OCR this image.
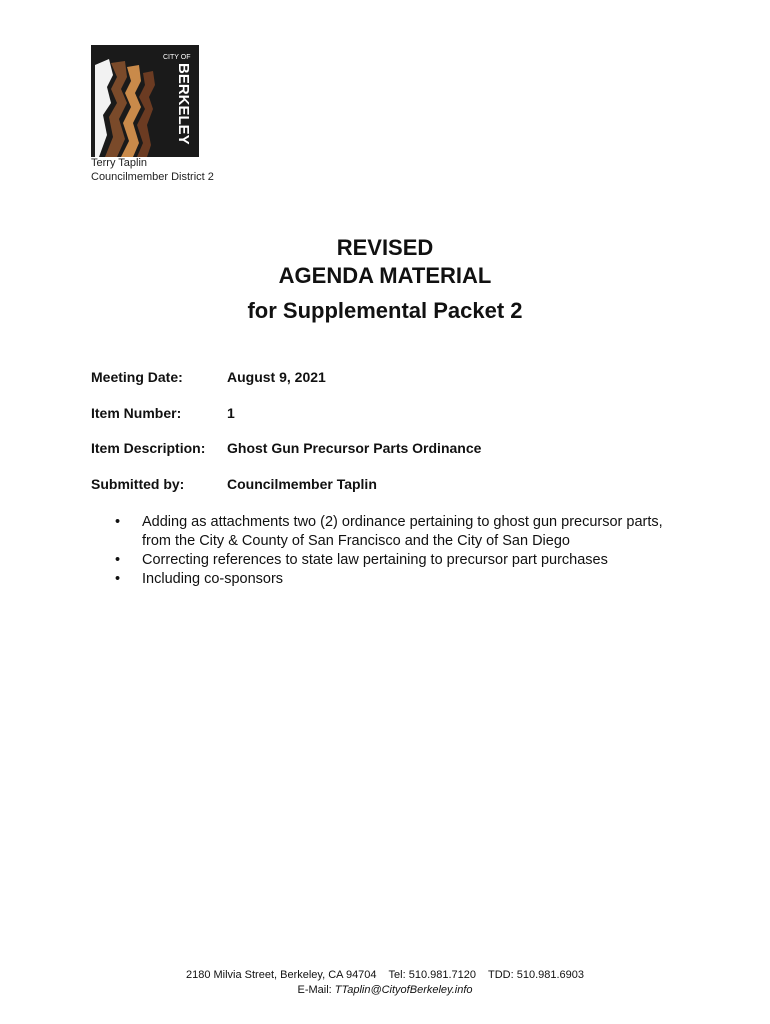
CITY OF
BERKELEY
Terry Taplin
Councilmember District 2
REVISED
AGENDA MATERIAL
for Supplemental Packet 2
Meeting Date:	August 9, 2021
Item Number:	1
Item Description:	Ghost Gun Precursor Parts Ordinance
Submitted by:	Councilmember Taplin
•	Adding as attachments two (2) ordinance pertaining to ghost gun precursor parts, from the City & County of San Francisco and the City of San Diego
•	Correcting references to state law pertaining to precursor part purchases
•	Including co-sponsors
2180 Milvia Street, Berkeley, CA 94704 Tel: 510.981.7120 TDD: 510.981.6903
E-Mail: TTaplin@CityofBerkeley.info
